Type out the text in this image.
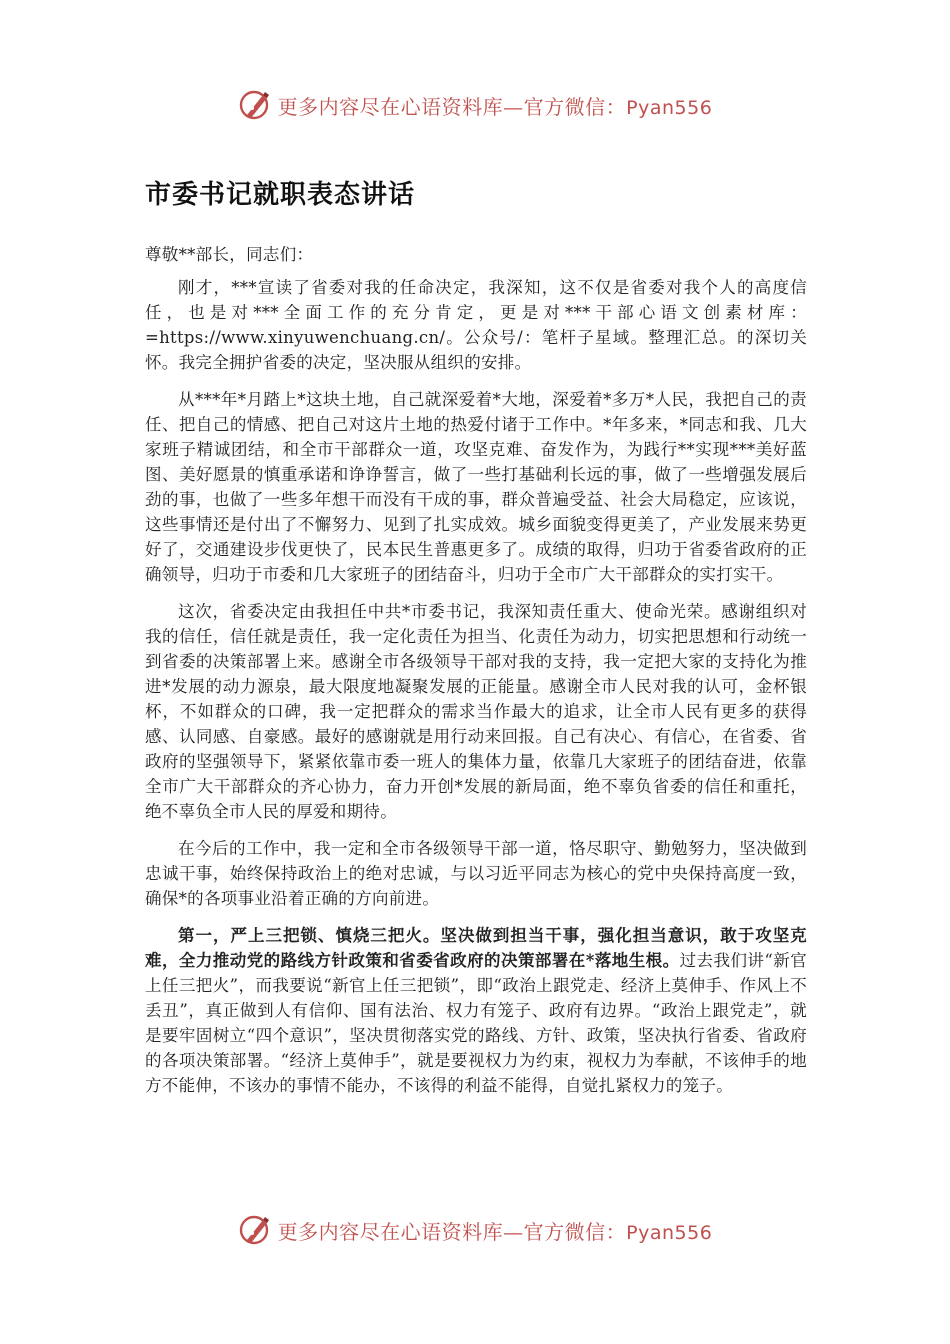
更多内容尽在心语资料库—官方微信：Pyan556
市委书记就职表态讲话

尊敬**部长，同志们：

刚才，***宣读了省委对我的任命决定，我深知，这不仅是省委对我个人的高度信任，也是对***全面工作的充分肯定，更是对***干部心语文创素材库：=https://www.xinyuwenchuang.cn/。公众号/：笔杆子星域。整理汇总。的深切关怀。我完全拥护省委的决定，坚决服从组织的安排。

从***年*月踏上*这块土地，自己就深爱着*大地，深爱着*多万*人民，我把自己的责任、把自己的情感、把自己对这片土地的热爱付诸于工作中。*年多来，*同志和我、几大家班子精诚团结，和全市干部群众一道，攻坚克难、奋发作为，为践行**实现***美好蓝图、美好愿景的慎重承诺和诤诤誓言，做了一些打基础利长远的事，做了一些增强发展后劲的事，也做了一些多年想干而没有干成的事，群众普遍受益、社会大局稳定，应该说，这些事情还是付出了不懈努力、见到了扎实成效。城乡面貌变得更美了，产业发展来势更好了，交通建设步伐更快了，民本民生普惠更多了。成绩的取得，归功于省委省政府的正确领导，归功于市委和几大家班子的团结奋斗，归功于全市广大干部群众的实打实干。

这次，省委决定由我担任中共*市委书记，我深知责任重大、使命光荣。感谢组织对我的信任，信任就是责任，我一定化责任为担当、化责任为动力，切实把思想和行动统一到省委的决策部署上来。感谢全市各级领导干部对我的支持，我一定把大家的支持化为推进*发展的动力源泉，最大限度地凝聚发展的正能量。感谢全市人民对我的认可，金杯银杯，不如群众的口碑，我一定把群众的需求当作最大的追求，让全市人民有更多的获得感、认同感、自豪感。最好的感谢就是用行动来回报。自己有决心、有信心，在省委、省政府的坚强领导下，紧紧依靠市委一班人的集体力量，依靠几大家班子的团结奋进，依靠全市广大干部群众的齐心协力，奋力开创*发展的新局面，绝不辜负省委的信任和重托，绝不辜负全市人民的厚爱和期待。

在今后的工作中，我一定和全市各级领导干部一道，恪尽职守、勤勉努力，坚决做到忠诚干事，始终保持政治上的绝对忠诚，与以习近平同志为核心的党中央保持高度一致，确保*的各项事业沿着正确的方向前进。

第一，严上三把锁、慎烧三把火。坚决做到担当干事，强化担当意识，敢于攻坚克难，全力推动党的路线方针政策和省委省政府的决策部署在*落地生根。过去我们讲“新官上任三把火”，而我要说“新官上任三把锁”，即“政治上跟党走、经济上莫伸手、作风上不丢丑”，真正做到人有信仰、国有法治、权力有笼子、政府有边界。“政治上跟党走”，就是要牢固树立“四个意识”，坚决贯彻落实党的路线、方针、政策，坚决执行省委、省政府的各项决策部署。“经济上莫伸手”，就是要视权力为约束，视权力为奉献，不该伸手的地方不能伸，不该办的事情不能办，不该得的利益不能得，自觉扎紧权力的笼子。

更多内容尽在心语资料库—官方微信：Pyan556
